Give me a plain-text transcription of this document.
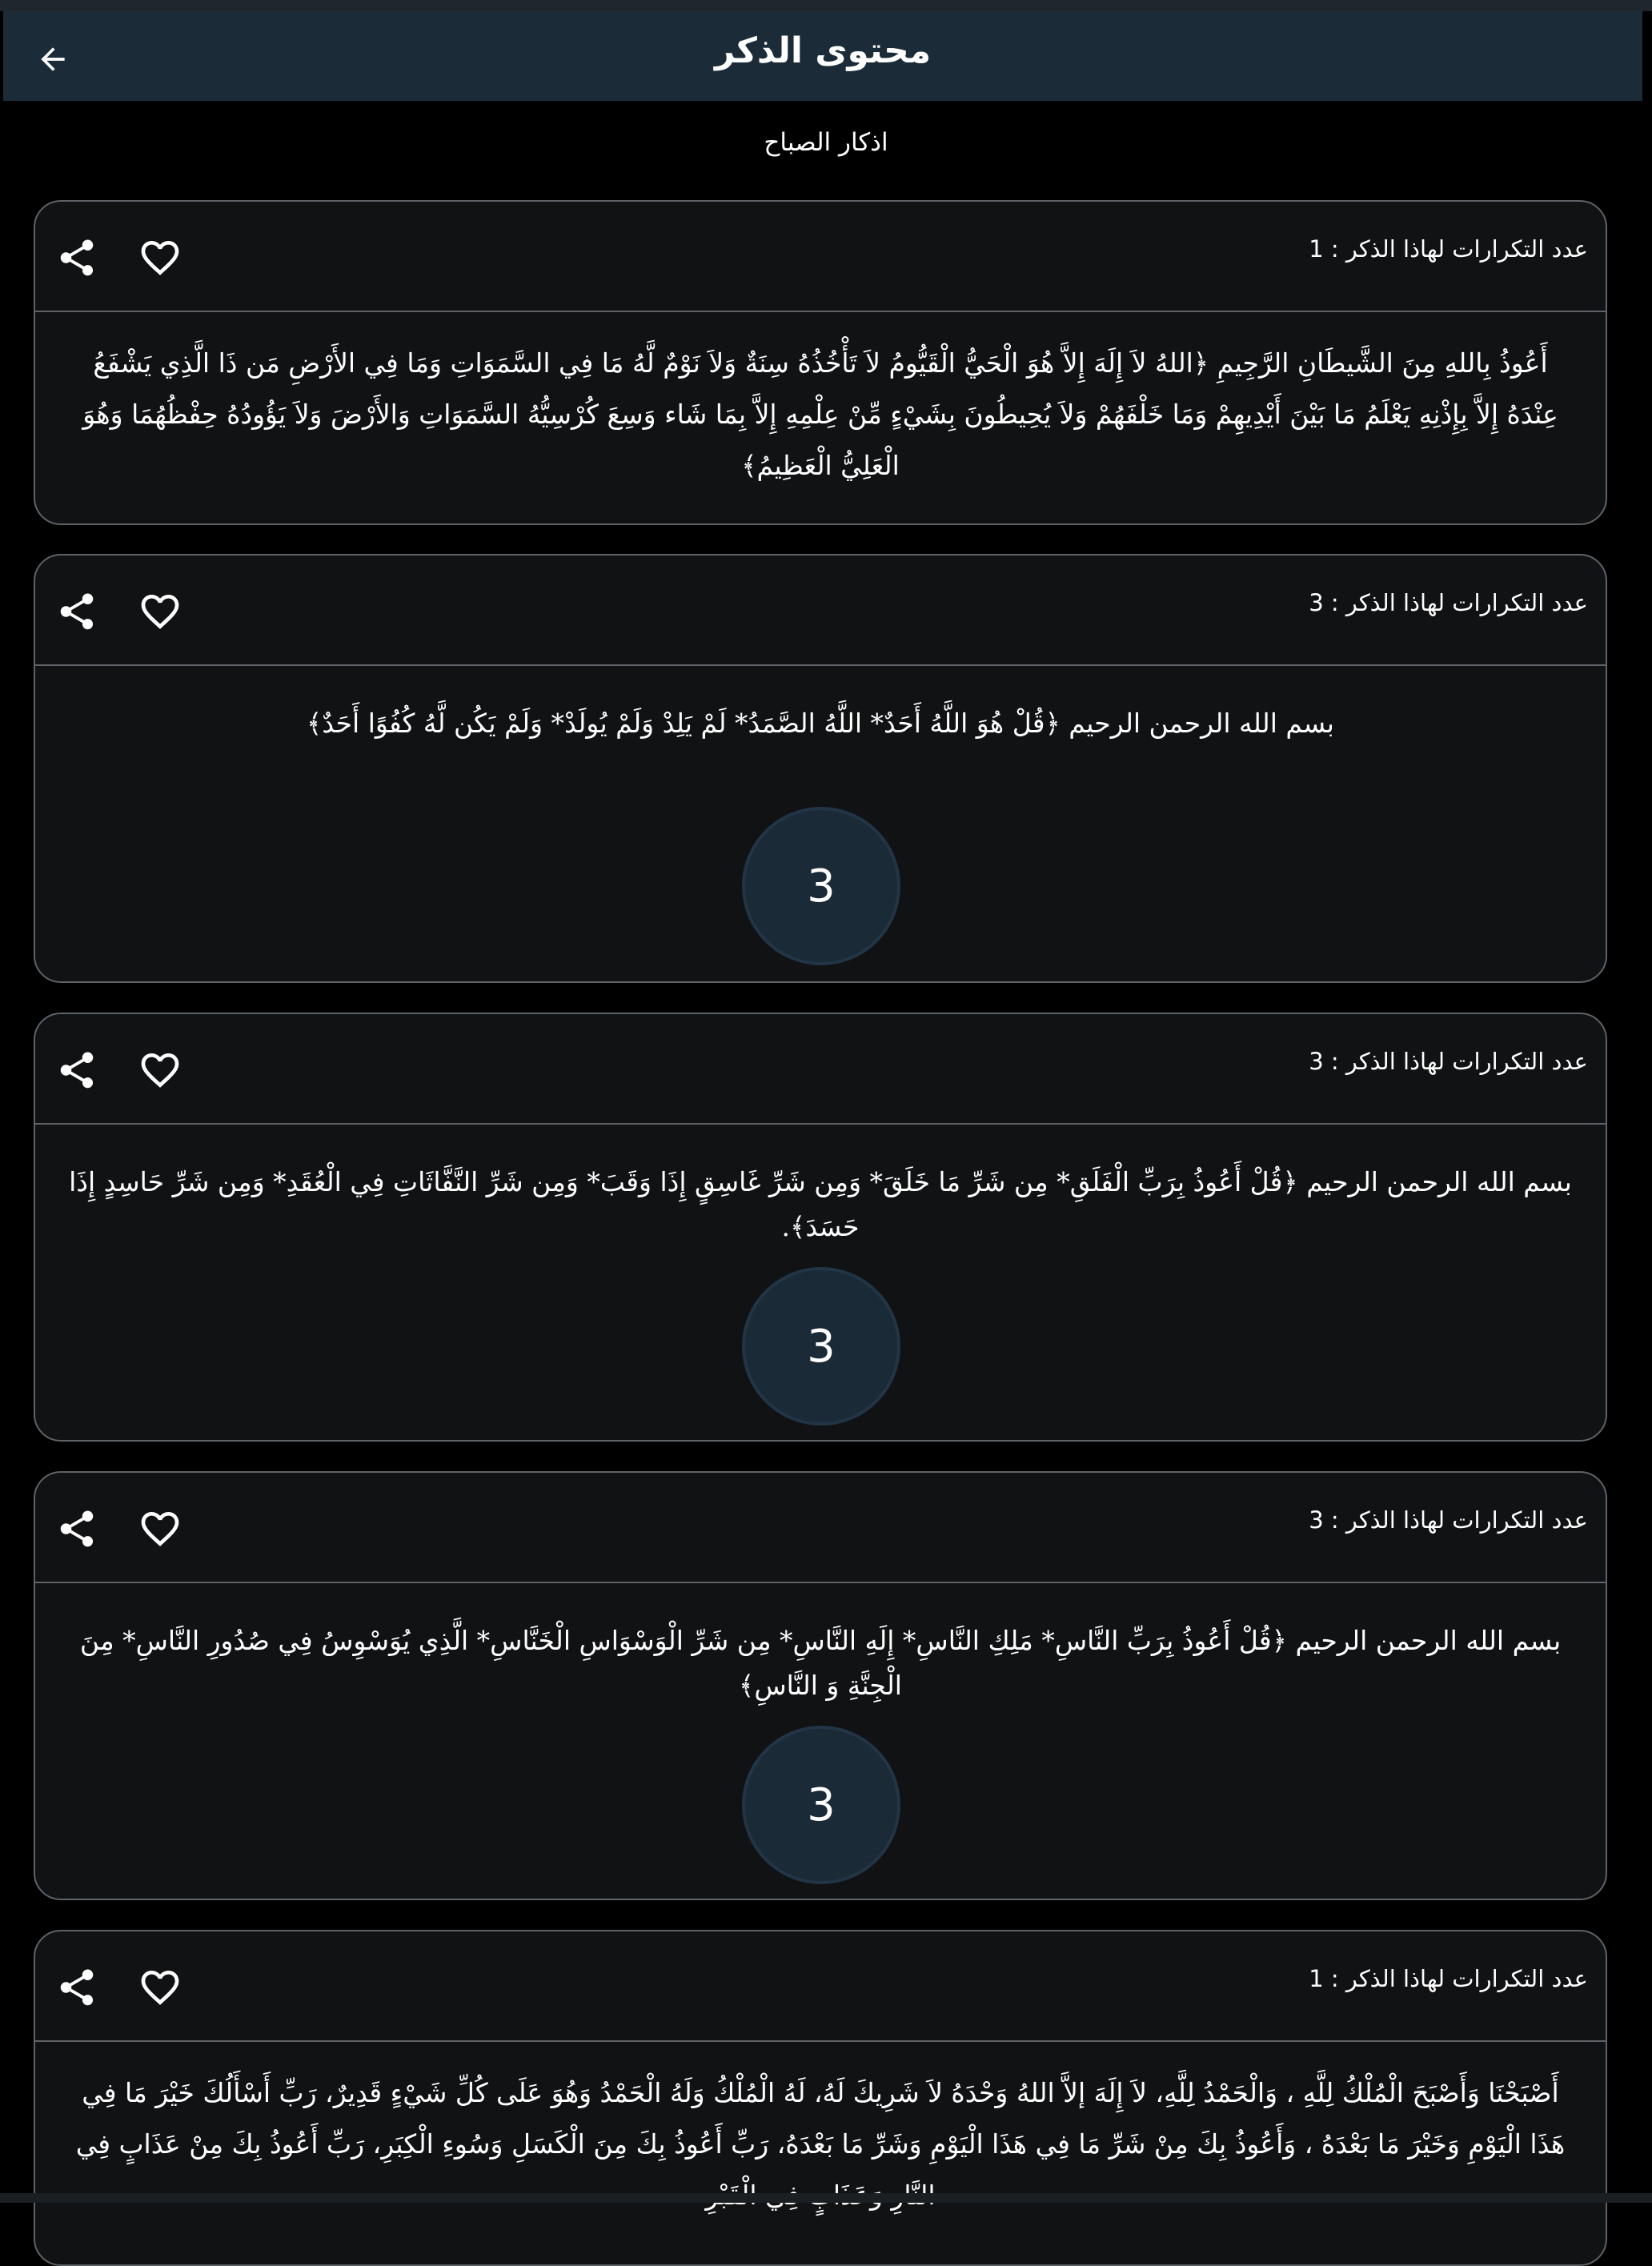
محتوى الذكر
اذكار الصباح
عدد التكرارات لهاذا الذكر : 1
أَعُوذُ بِاللهِ مِنَ الشَّيطَانِ الرَّجِيمِ ﴿اللهُ لاَ إِلَهَ إِلاَّ هُوَ الْحَيُّ الْقَيُّومُ لاَ تَأْخُذُهُ سِنَةٌ وَلاَ نَوْمٌ لَّهُ مَا فِي السَّمَوَاتِ وَمَا فِي الأَرْضِ مَن ذَا الَّذِي يَشْفَعُ عِنْدَهُ إِلاَّ بِإِذْنِهِ يَعْلَمُ مَا بَيْنَ أَيْدِيهِمْ وَمَا خَلْفَهُمْ وَلاَ يُحِيطُونَ بِشَيْءٍ مِّنْ عِلْمِهِ إِلاَّ بِمَا شَاء وَسِعَ كُرْسِيُّهُ السَّمَوَاتِ وَالأَرْضَ وَلاَ يَؤُودُهُ حِفْظُهُمَا وَهُوَ الْعَلِيُّ الْعَظِيمُ﴾
عدد التكرارات لهاذا الذكر : 3
بسم الله الرحمن الرحيم ﴿قُلْ هُوَ اللَّهُ أَحَدٌ* اللَّهُ الصَّمَدُ* لَمْ يَلِدْ وَلَمْ يُولَدْ* وَلَمْ يَكُن لَّهُ كُفُوًا أَحَدٌ﴾
3
عدد التكرارات لهاذا الذكر : 3
بسم الله الرحمن الرحيم ﴿قُلْ أَعُوذُ بِرَبِّ الْفَلَقِ* مِن شَرِّ مَا خَلَقَ* وَمِن شَرِّ غَاسِقٍ إِذَا وَقَبَ* وَمِن شَرِّ النَّفَّاثَاتِ فِي الْعُقَدِ* وَمِن شَرِّ حَاسِدٍ إِذَا حَسَدَ﴾.
3
عدد التكرارات لهاذا الذكر : 3
بسم الله الرحمن الرحيم ﴿قُلْ أَعُوذُ بِرَبِّ النَّاسِ* مَلِكِ النَّاسِ* إِلَهِ النَّاسِ* مِن شَرِّ الْوَسْوَاسِ الْخَنَّاسِ* الَّذِي يُوَسْوِسُ فِي صُدُورِ النَّاسِ* مِنَ الْجِنَّةِ وَ النَّاسِ﴾
3
عدد التكرارات لهاذا الذكر : 1
أَصْبَحْنَا وَأَصْبَحَ الْمُلْكُ لِلَّهِ ، وَالْحَمْدُ لِلَّهِ، لاَ إِلَهَ إلاَّ اللهُ وَحْدَهُ لاَ شَرِيكَ لَهُ، لَهُ الْمُلْكُ وَلَهُ الْحَمْدُ وَهُوَ عَلَى كُلِّ شَيْءٍ قَدِيرٌ، رَبِّ أَسْأَلُكَ خَيْرَ مَا فِي هَذَا الْيَوْمِ وَخَيْرَ مَا بَعْدَهُ ، وَأَعُوذُ بِكَ مِنْ شَرِّ مَا فِي هَذَا الْيَوْمِ وَشَرِّ مَا بَعْدَهُ، رَبِّ أَعُوذُ بِكَ مِنَ الْكَسَلِ وَسُوءِ الْكِبَرِ، رَبِّ أَعُوذُ بِكَ مِنْ عَذَابٍ فِي
